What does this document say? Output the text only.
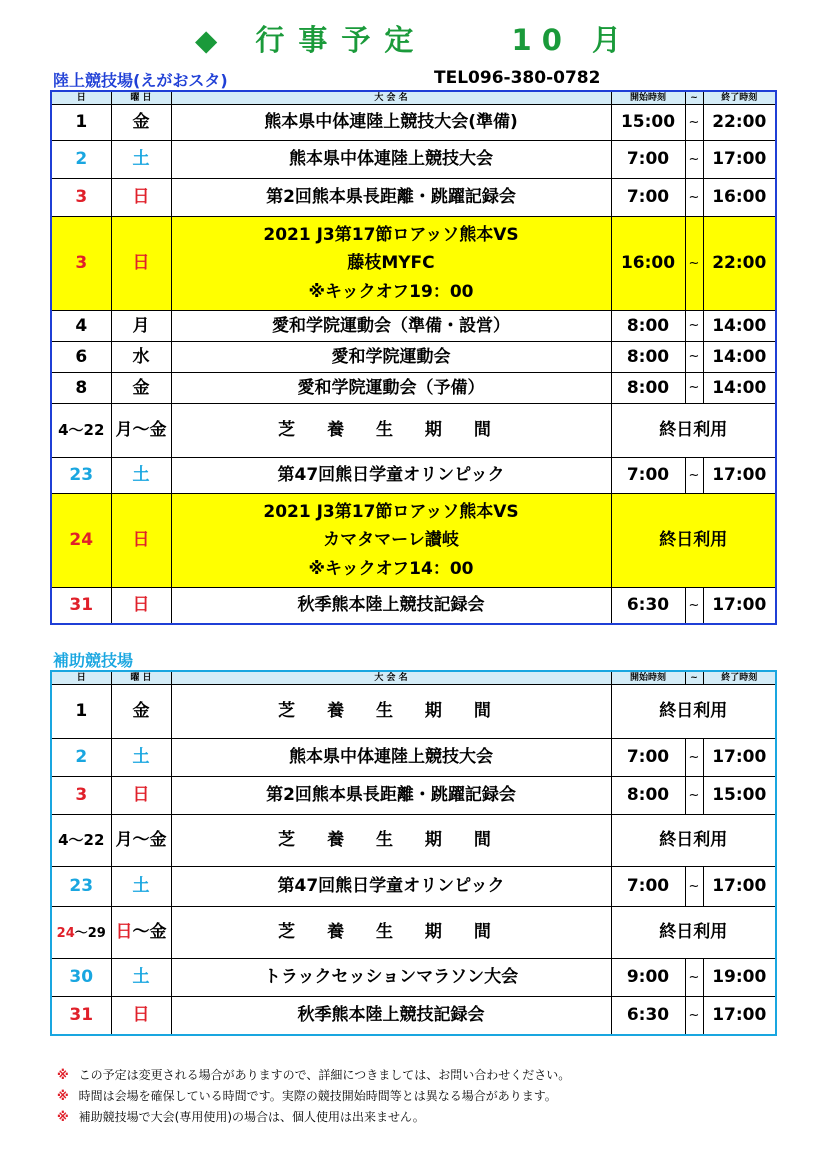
◆ 行事予定	10 月
陸上競技場(えがおスタ)	TEL096-380-0782
日	曜 日	大 会 名	開始時刻	~	終了時刻
1	金	熊本県中体連陸上競技大会(準備)	15:00	~	22:00
2	土	熊本県中体連陸上競技大会	7:00	~	17:00
3	日	第2回熊本県長距離・跳躍記録会	7:00	~	16:00
3	日	2021 J3第17節ロアッソ熊本VS
藤枝MYFC
※キックオフ19：00	16:00	~	22:00
4	月	愛和学院運動会（準備・設営）	8:00	~	14:00
6	水	愛和学院運動会	8:00	~	14:00
8	金	愛和学院運動会（予備）	8:00	~	14:00
4～22	月～金	芝 養 生 期 間	終日利用		
23	土	第47回熊日学童オリンピック	7:00	~	17:00
24	日	2021 J3第17節ロアッソ熊本VS
カマタマーレ讃岐
※キックオフ14：00	終日利用		
31	日	秋季熊本陸上競技記録会	6:30	~	17:00
補助競技場
日	曜 日	大 会 名	開始時刻	~	終了時刻
1	金	芝 養 生 期 間	終日利用		
2	土	熊本県中体連陸上競技大会	7:00	~	17:00
3	日	第2回熊本県長距離・跳躍記録会	8:00	~	15:00
4～22	月～金	芝 養 生 期 間	終日利用		
23	土	第47回熊日学童オリンピック	7:00	~	17:00
24～29	日～金	芝 養 生 期 間	終日利用		
30	土	トラックセッションマラソン大会	9:00	~	19:00
31	日	秋季熊本陸上競技記録会	6:30	~	17:00
※ この予定は変更される場合がありますので、詳細につきましては、お問い合わせください。
※ 時間は会場を確保している時間です。実際の競技開始時間等とは異なる場合があります。
※ 補助競技場で大会(専用使用)の場合は、個人使用は出来ません。
